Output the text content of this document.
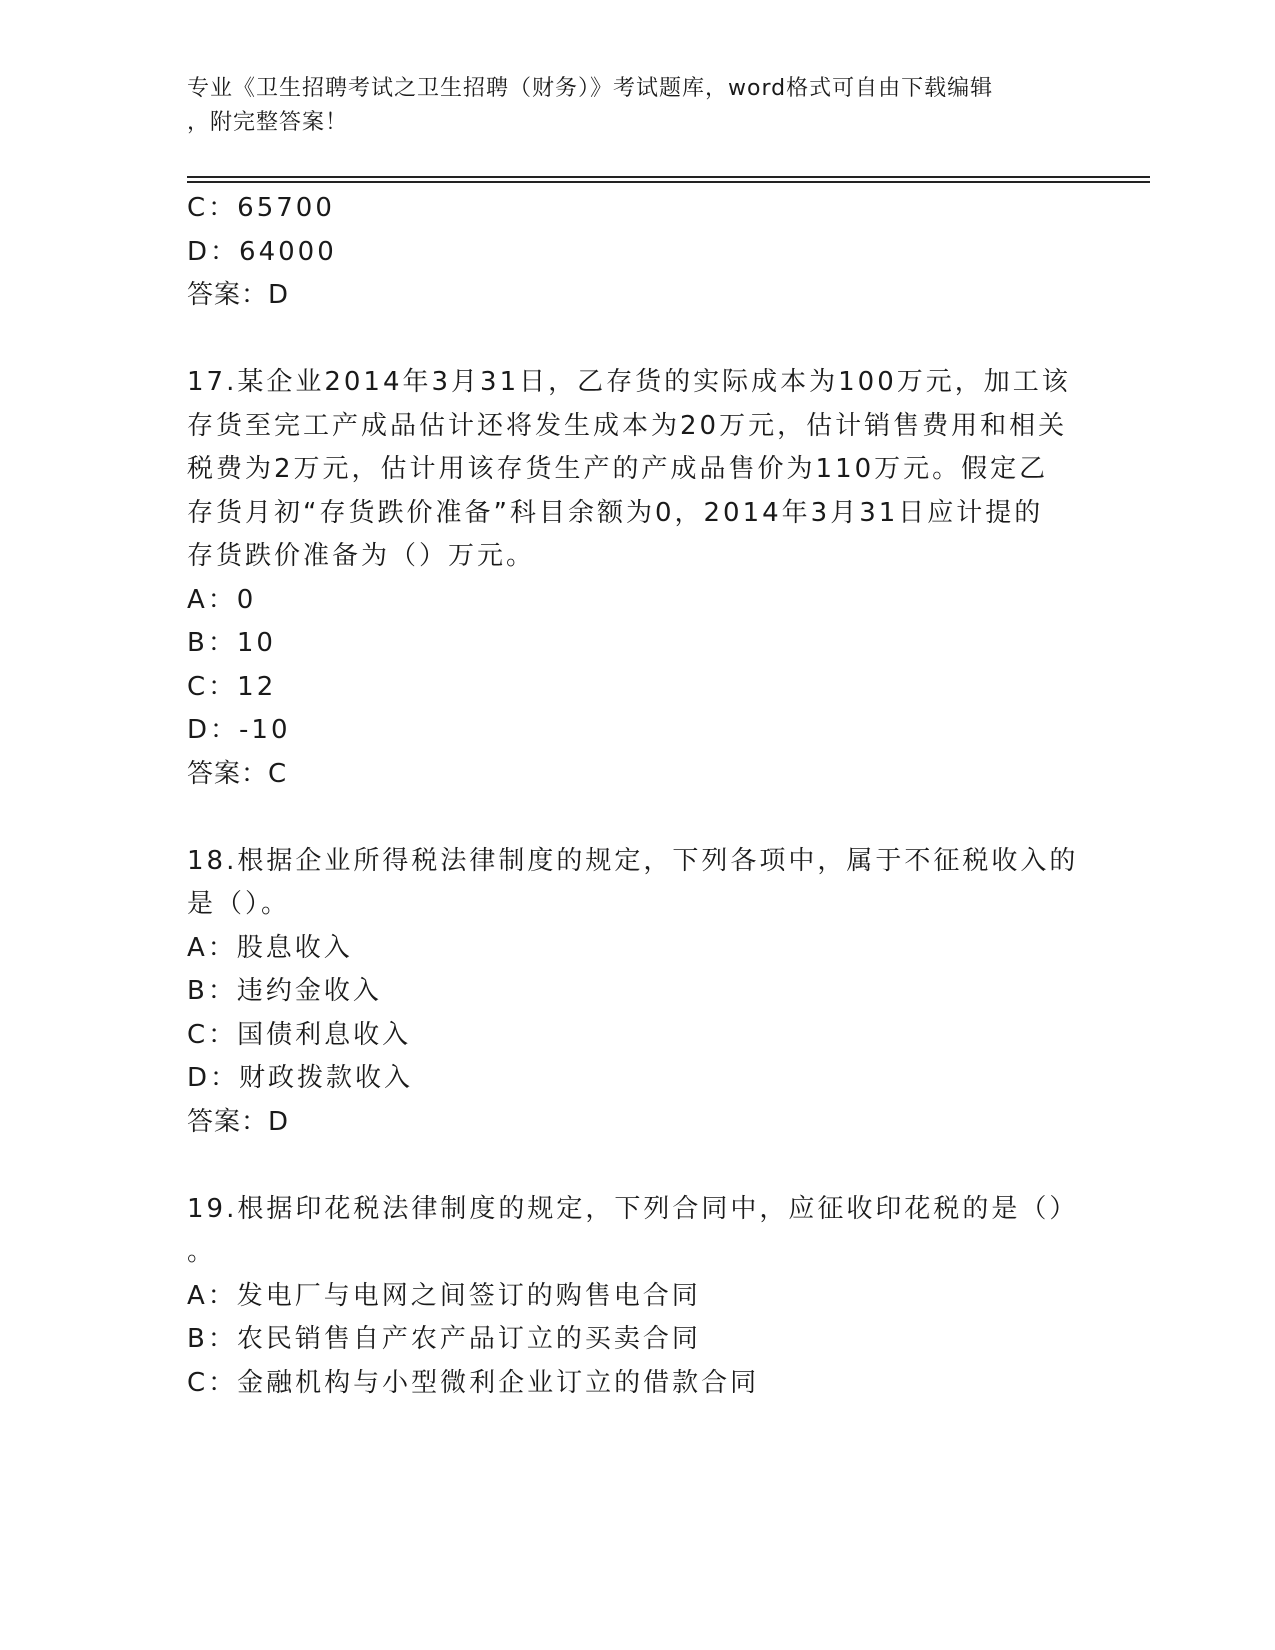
专业《卫生招聘考试之卫生招聘（财务）》考试题库，word格式可自由下载编辑
，附完整答案！
C：65700
D：64000
答案：D
17.某企业2014年3月31日，乙存货的实际成本为100万元，加工该
存货至完工产成品估计还将发生成本为20万元，估计销售费用和相关
税费为2万元，估计用该存货生产的产成品售价为110万元。假定乙
存货月初“存货跌价准备”科目余额为0，2014年3月31日应计提的
存货跌价准备为（）万元。
A：0
B：10
C：12
D：-10
答案：C
18.根据企业所得税法律制度的规定，下列各项中，属于不征税收入的
是（）。
A：股息收入
B：违约金收入
C：国债利息收入
D：财政拨款收入
答案：D
19.根据印花税法律制度的规定，下列合同中，应征收印花税的是（）
。
A：发电厂与电网之间签订的购售电合同
B：农民销售自产农产品订立的买卖合同
C：金融机构与小型微利企业订立的借款合同
